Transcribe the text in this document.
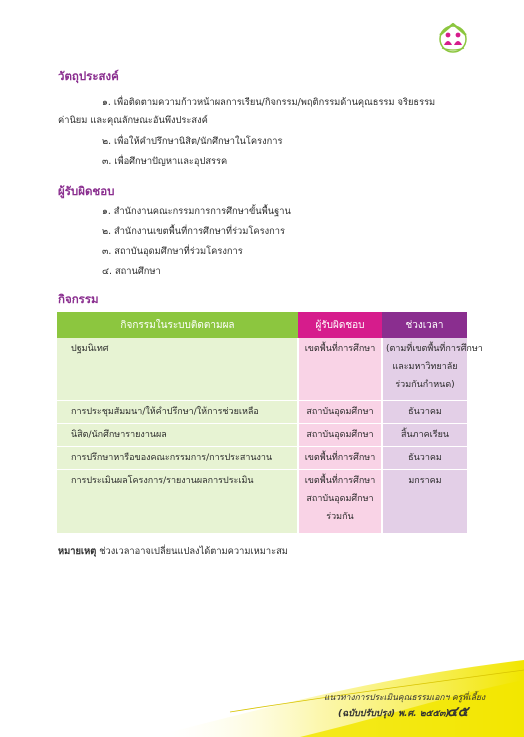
วัตถุประสงค์
๑. เพื่อติดตามความก้าวหน้าผลการเรียน/กิจกรรม/พฤติกรรมด้านคุณธรรม จริยธรรม
ค่านิยม และคุณลักษณะอันพึงประสงค์
๒. เพื่อให้คำปรึกษานิสิต/นักศึกษาในโครงการ
๓. เพื่อศึกษาปัญหาและอุปสรรค
ผู้รับผิดชอบ
๑. สำนักงานคณะกรรมการการศึกษาขั้นพื้นฐาน
๒. สำนักงานเขตพื้นที่การศึกษาที่ร่วมโครงการ
๓. สถาบันอุดมศึกษาที่ร่วมโครงการ
๔. สถานศึกษา
กิจกรรม
กิจกรรมในระบบติดตามผล	ผู้รับผิดชอบ	ช่วงเวลา
ปฐมนิเทศ	เขตพื้นที่การศึกษา	(ตามที่เขตพื้นที่การศึกษา
และมหาวิทยาลัย
ร่วมกันกำหนด)

การประชุมสัมมนา/ให้คำปรึกษา/ให้การช่วยเหลือ	สถาบันอุดมศึกษา	ธันวาคม
นิสิต/นักศึกษารายงานผล	สถาบันอุดมศึกษา	สิ้นภาคเรียน
การปรึกษาหารือของคณะกรรมการ/การประสานงาน	เขตพื้นที่การศึกษา	ธันวาคม
การประเมินผลโครงการ/รายงานผลการประเมิน	เขตพื้นที่การศึกษา
สถาบันอุดมศึกษา
ร่วมกัน	มกราคม
หมายเหตุ ช่วงเวลาอาจเปลี่ยนแปลงได้ตามความเหมาะสม
แนวทางการประเมินคุณธรรมเอกฯ ครูพี่เลี้ยง
(ฉบับปรับปรุง) พ.ศ. ๒๕๕๓)
๔๕
